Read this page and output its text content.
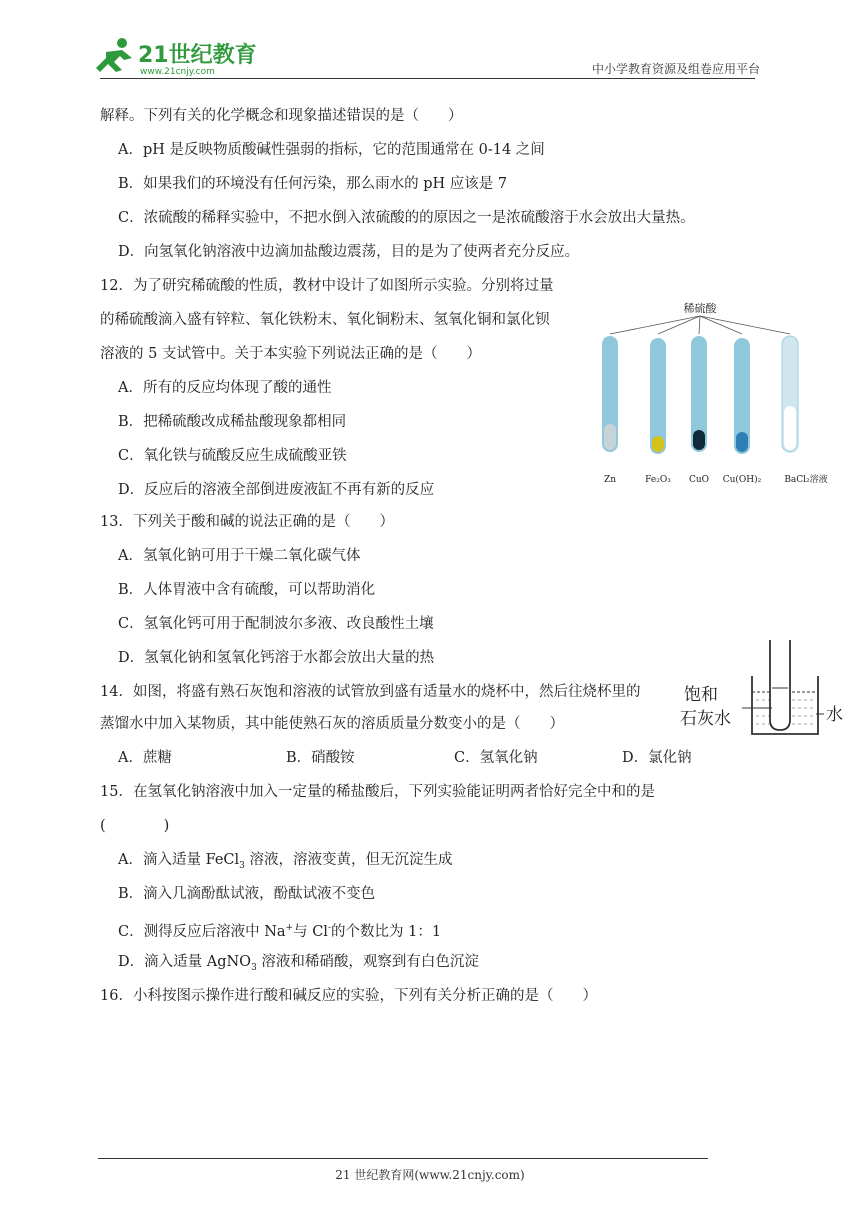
21世纪教育
www.21cnjy.com	中小学教育资源及组卷应用平台
解释。下列有关的化学概念和现象描述错误的是（　　）
A．pH 是反映物质酸碱性强弱的指标，它的范围通常在 0-14 之间
B．如果我们的环境没有任何污染，那么雨水的 pH 应该是 7
C．浓硫酸的稀释实验中，不把水倒入浓硫酸的的原因之一是浓硫酸溶于水会放出大量热。
D．向氢氧化钠溶液中边滴加盐酸边震荡，目的是为了使两者充分反应。
12．为了研究稀硫酸的性质，教材中设计了如图所示实验。分别将过量
的稀硫酸滴入盛有锌粒、氧化铁粉末、氧化铜粉末、氢氧化铜和氯化钡
溶液的 5 支试管中。关于本实验下列说法正确的是（　　）
A．所有的反应均体现了酸的通性
B．把稀硫酸改成稀盐酸现象都相同
C．氧化铁与硫酸反应生成硫酸亚铁
D．反应后的溶液全部倒进废液缸不再有新的反应
稀硫酸
Zn	Fe₂O₃ CuO Cu(OH)₂	BaCl₂溶液
13．下列关于酸和碱的说法正确的是（　　）
A．氢氧化钠可用于干燥二氧化碳气体
B．人体胃液中含有硫酸，可以帮助消化
C．氢氧化钙可用于配制波尔多液、改良酸性土壤
D．氢氧化钠和氢氧化钙溶于水都会放出大量的热
14．如图，将盛有熟石灰饱和溶液的试管放到盛有适量水的烧杯中，然后往烧杯里的
蒸馏水中加入某物质，其中能使熟石灰的溶质质量分数变小的是（　　）
A．蔗糖	B．硝酸铵	C．氢氧化钠	D．氯化钠
饱和
石灰水	水
15．在氢氧化钠溶液中加入一定量的稀盐酸后，下列实验能证明两者恰好完全中和的是
(　　　　)
A．滴入适量 FeCl$_3$ 溶液，溶液变黄，但无沉淀生成
B．滴入几滴酚酞试液，酚酞试液不变色
C．测得反应后溶液中 Na+与 Cl-的个数比为 1：1
D．滴入适量 AgNO$_3$ 溶液和稀硝酸，观察到有白色沉淀
16．小科按图示操作进行酸和碱反应的实验，下列有关分析正确的是（　　）
21 世纪教育网(www.21cnjy.com)
